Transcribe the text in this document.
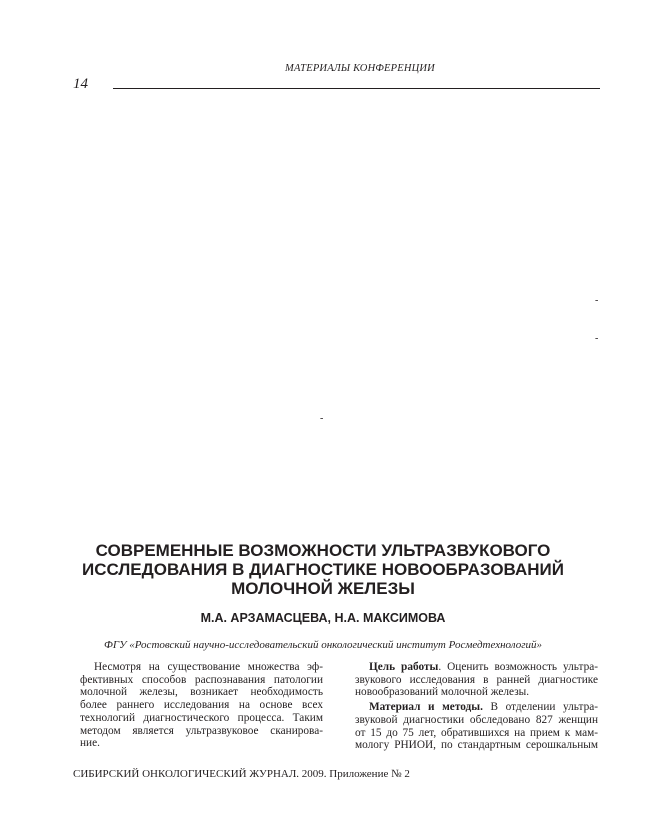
МАТЕРИАЛЫ КОНФЕРЕНЦИИ
14
-
-
-
СОВРЕМЕННЫЕ ВОЗМОЖНОСТИ УЛЬТРАЗВУКОВОГО
ИССЛЕДОВАНИЯ В ДИАГНОСТИКЕ НОВООБРАЗОВАНИЙ
МОЛОЧНОЙ ЖЕЛЕЗЫ
М.А. АРЗАМАСЦЕВА, Н.А. МАКСИМОВА
ФГУ «Ростовский научно-исследовательский онкологический институт Росмедтехнологий»

Несмотря на существование множества эф-
фективных способов распознавания патологии
молочной железы, возникает необходимость
более раннего исследования на основе всех
технологий диагностического процесса. Таким
методом является ультразвуковое сканирова-
ние.

Цель работы. Оценить возможность ультра-
звукового исследования в ранней диагностике
новообразований молочной железы.

Материал и методы. В отделении ультра-
звуковой диагностики обследовано 827 женщин
от 15 до 75 лет, обратившихся на прием к мам-
мологу РНИОИ, по стандартным серошкальным

СИБИРСКИЙ ОНКОЛОГИЧЕСКИЙ ЖУРНАЛ. 2009. Приложение № 2
